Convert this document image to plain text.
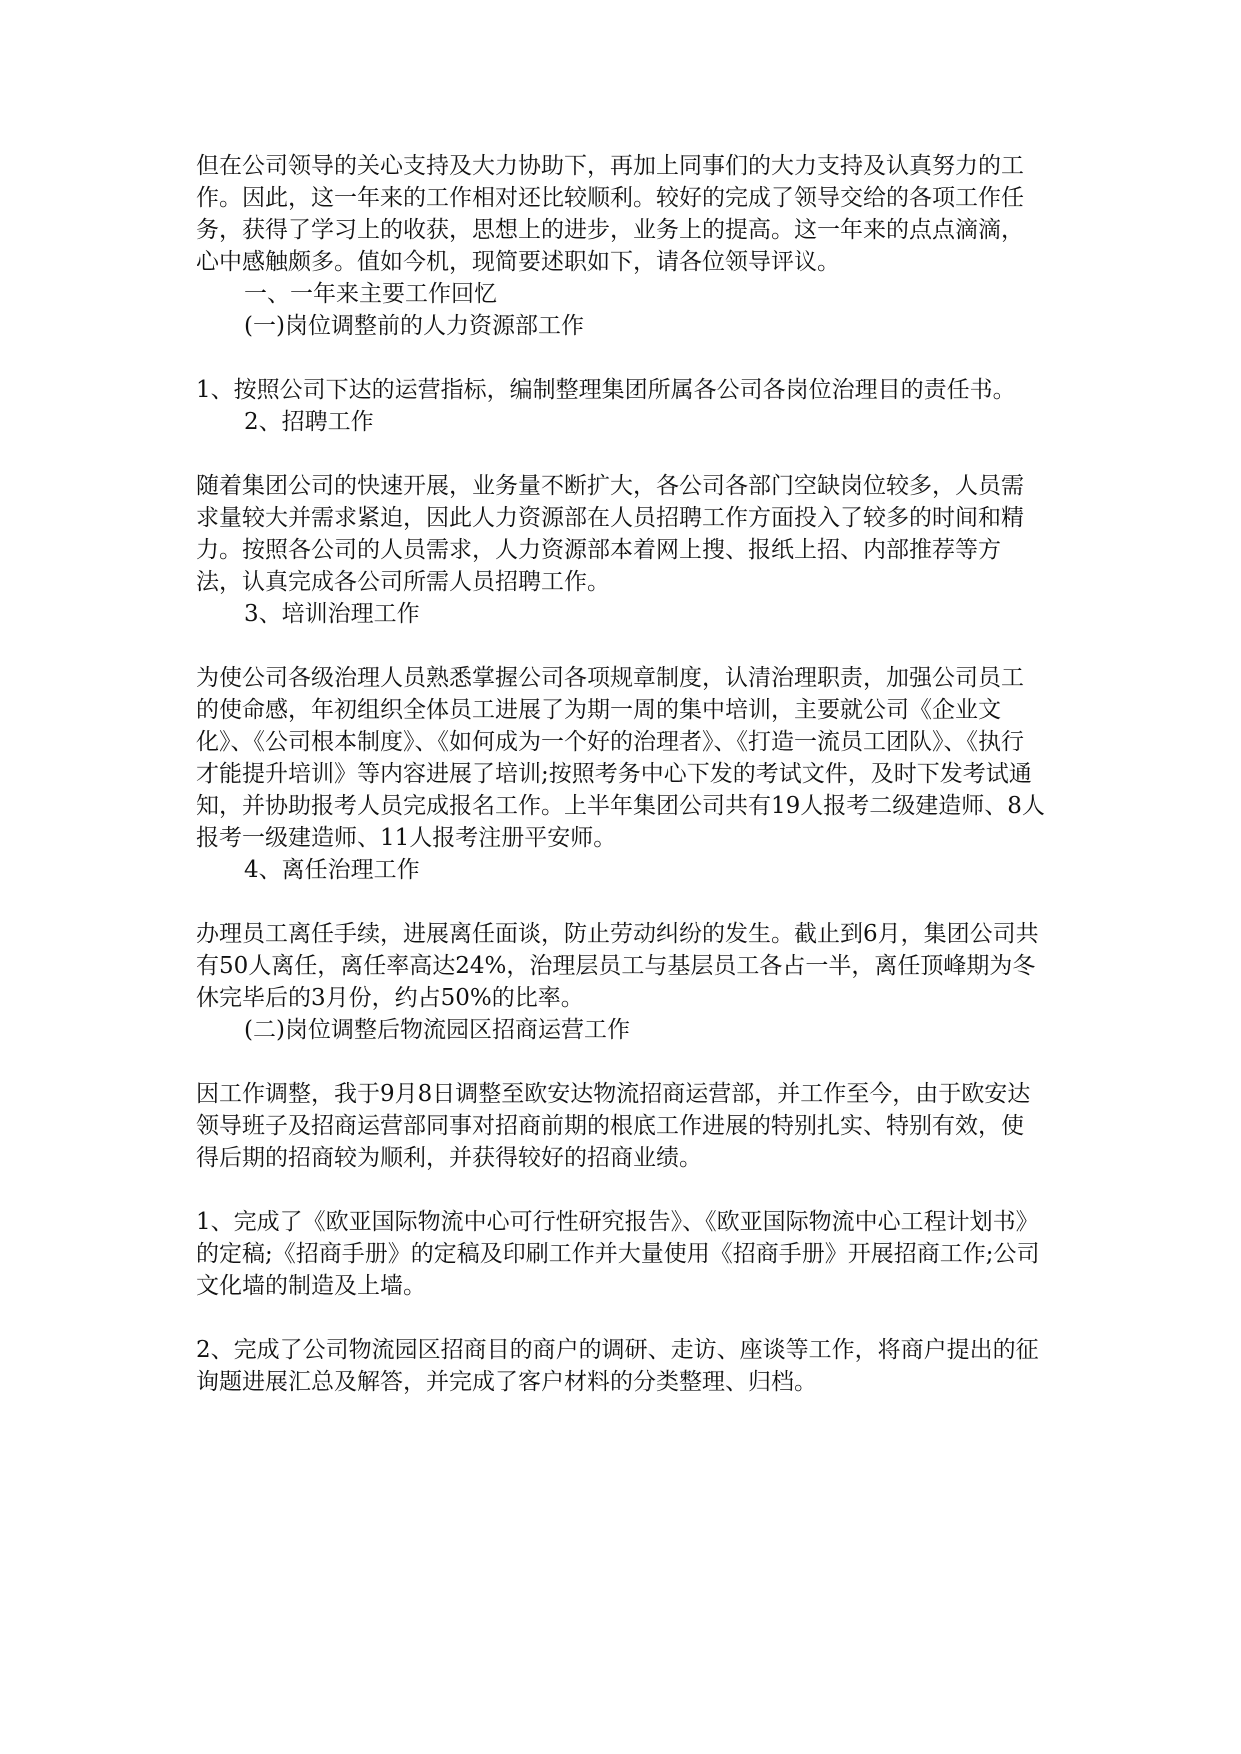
但在公司领导的关心支持及大力协助下，再加上同事们的大力支持及认真努力的工作。因此，这一年来的工作相对还比较顺利。较好的完成了领导交给的各项工作任务，获得了学习上的收获，思想上的进步，业务上的提高。这一年来的点点滴滴，心中感触颇多。值如今机，现简要述职如下，请各位领导评议。

一、一年来主要工作回忆

(一)岗位调整前的人力资源部工作

1、按照公司下达的运营指标，编制整理集团所属各公司各岗位治理目的责任书。

2、招聘工作

随着集团公司的快速开展，业务量不断扩大，各公司各部门空缺岗位较多，人员需求量较大并需求紧迫，因此人力资源部在人员招聘工作方面投入了较多的时间和精力。按照各公司的人员需求，人力资源部本着网上搜、报纸上招、内部推荐等方法，认真完成各公司所需人员招聘工作。

3、培训治理工作

为使公司各级治理人员熟悉掌握公司各项规章制度，认清治理职责，加强公司员工的使命感，年初组织全体员工进展了为期一周的集中培训，主要就公司《企业文化》、《公司根本制度》、《如何成为一个好的治理者》、《打造一流员工团队》、《执行才能提升培训》等内容进展了培训;按照考务中心下发的考试文件，及时下发考试通知，并协助报考人员完成报名工作。上半年集团公司共有19人报考二级建造师、8人报考一级建造师、11人报考注册平安师。

4、离任治理工作

办理员工离任手续，进展离任面谈，防止劳动纠纷的发生。截止到6月，集团公司共有50人离任，离任率高达24%，治理层员工与基层员工各占一半，离任顶峰期为冬休完毕后的3月份，约占50%的比率。

(二)岗位调整后物流园区招商运营工作

因工作调整，我于9月8日调整至欧安达物流招商运营部，并工作至今，由于欧安达领导班子及招商运营部同事对招商前期的根底工作进展的特别扎实、特别有效，使得后期的招商较为顺利，并获得较好的招商业绩。

1、完成了《欧亚国际物流中心可行性研究报告》、《欧亚国际物流中心工程计划书》的定稿;《招商手册》的定稿及印刷工作并大量使用《招商手册》开展招商工作;公司文化墙的制造及上墙。

2、完成了公司物流园区招商目的商户的调研、走访、座谈等工作，将商户提出的征询题进展汇总及解答，并完成了客户材料的分类整理、归档。
